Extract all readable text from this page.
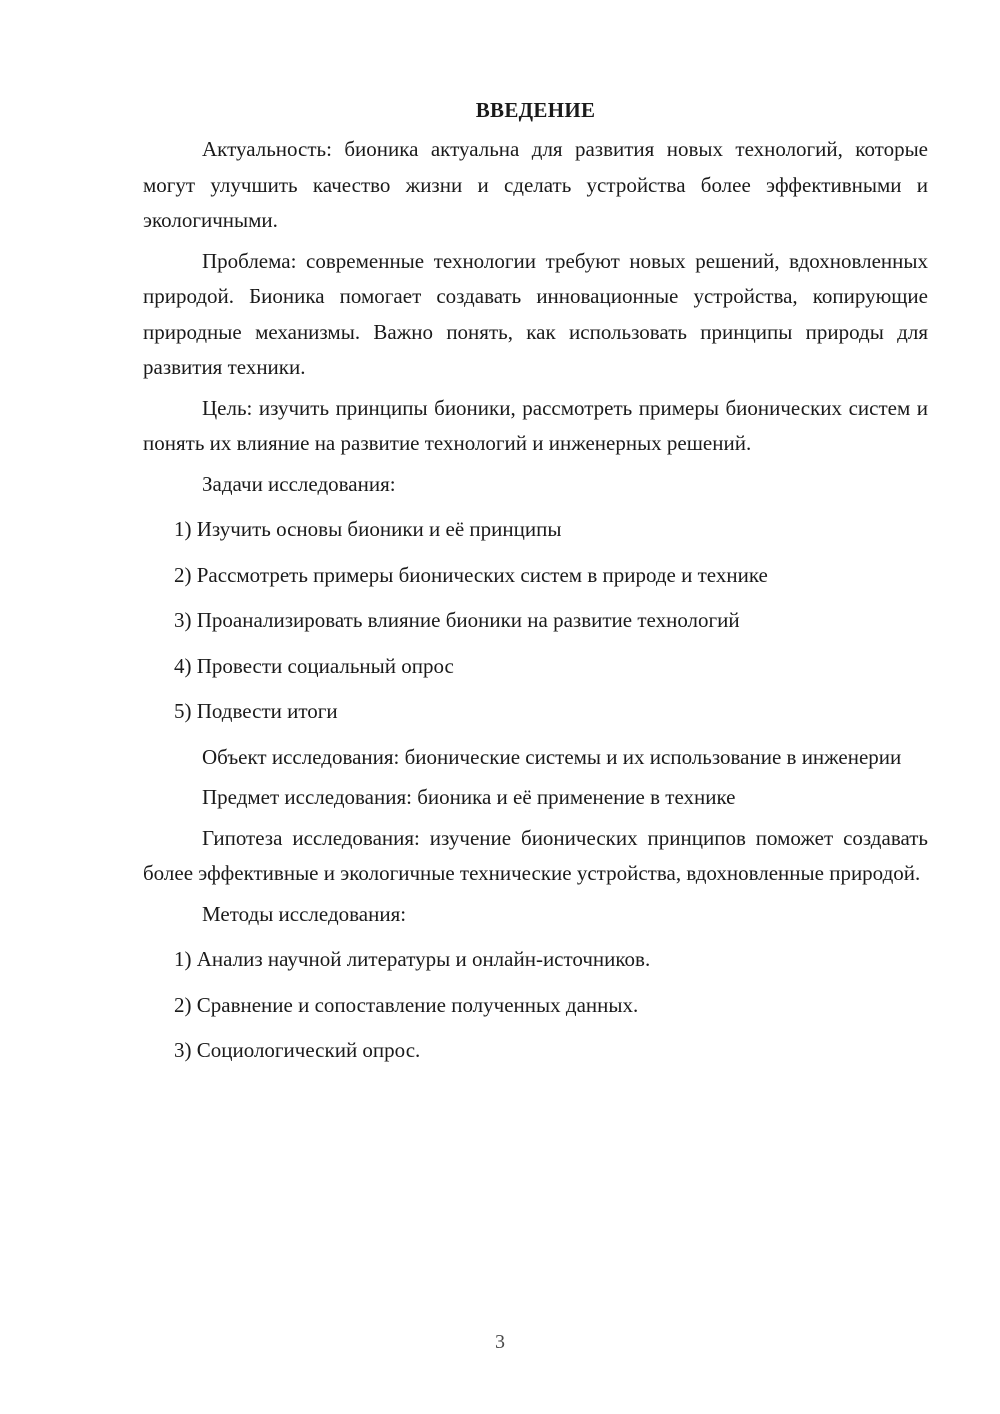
ВВЕДЕНИЕ

Актуальность: бионика актуальна для развития новых технологий, которые могут улучшить качество жизни и сделать устройства более эффективными и экологичными.

Проблема: современные технологии требуют новых решений, вдохновленных природой. Бионика помогает создавать инновационные устройства, копирующие природные механизмы. Важно понять, как использовать принципы природы для развития техники.

Цель: изучить принципы бионики, рассмотреть примеры бионических систем и понять их влияние на развитие технологий и инженерных решений.

Задачи исследования:

1) Изучить основы бионики и её принципы
2) Рассмотреть примеры бионических систем в природе и технике
3) Проанализировать влияние бионики на развитие технологий
4) Провести социальный опрос
5) Подвести итоги

Объект исследования: бионические системы и их использование в инженерии

Предмет исследования: бионика и её применение в технике

Гипотеза исследования: изучение бионических принципов поможет создавать более эффективные и экологичные технические устройства, вдохновленные природой.

Методы исследования:

1) Анализ научной литературы и онлайн-источников.
2) Сравнение и сопоставление полученных данных.
3) Социологический опрос.
3
